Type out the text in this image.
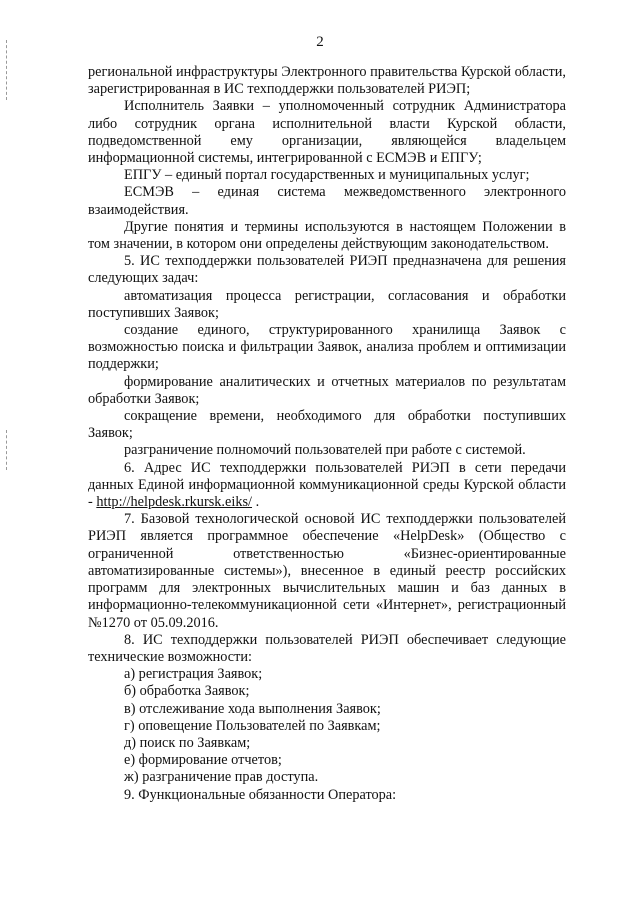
2

региональной инфраструктуры Электронного правительства Курской области, зарегистрированная в ИС техподдержки пользователей РИЭП;

Исполнитель Заявки – уполномоченный сотрудник Администратора либо сотрудник органа исполнительной власти Курской области, подведомственной ему организации, являющейся владельцем информационной системы, интегрированной с ЕСМЭВ и ЕПГУ;

ЕПГУ – единый портал государственных и муниципальных услуг;

ЕСМЭВ – единая система межведомственного электронного взаимодействия.

Другие понятия и термины используются в настоящем Положении в том значении, в котором они определены действующим законодательством.

5. ИС техподдержки пользователей РИЭП предназначена для решения следующих задач:

автоматизация процесса регистрации, согласования и обработки поступивших Заявок;

создание единого, структурированного хранилища Заявок с возможностью поиска и фильтрации Заявок, анализа проблем и оптимизации поддержки;

формирование аналитических и отчетных материалов по результатам обработки Заявок;

сокращение времени, необходимого для обработки поступивших Заявок;

разграничение полномочий пользователей при работе с системой.

6. Адрес ИС техподдержки пользователей РИЭП в сети передачи данных Единой информационной коммуникационной среды Курской области - http://helpdesk.rkursk.eiks/ .

7. Базовой технологической основой ИС техподдержки пользователей РИЭП является программное обеспечение «HelpDesk» (Общество с ограниченной ответственностью «Бизнес-ориентированные автоматизированные системы»), внесенное в единый реестр российских программ для электронных вычислительных машин и баз данных в информационно-телекоммуникационной сети «Интернет», регистрационный №1270 от 05.09.2016.

8. ИС техподдержки пользователей РИЭП обеспечивает следующие технические возможности:

а) регистрация Заявок;

б) обработка Заявок;

в) отслеживание хода выполнения Заявок;

г) оповещение Пользователей по Заявкам;

д) поиск по Заявкам;

е) формирование отчетов;

ж) разграничение прав доступа.

9. Функциональные обязанности Оператора:
